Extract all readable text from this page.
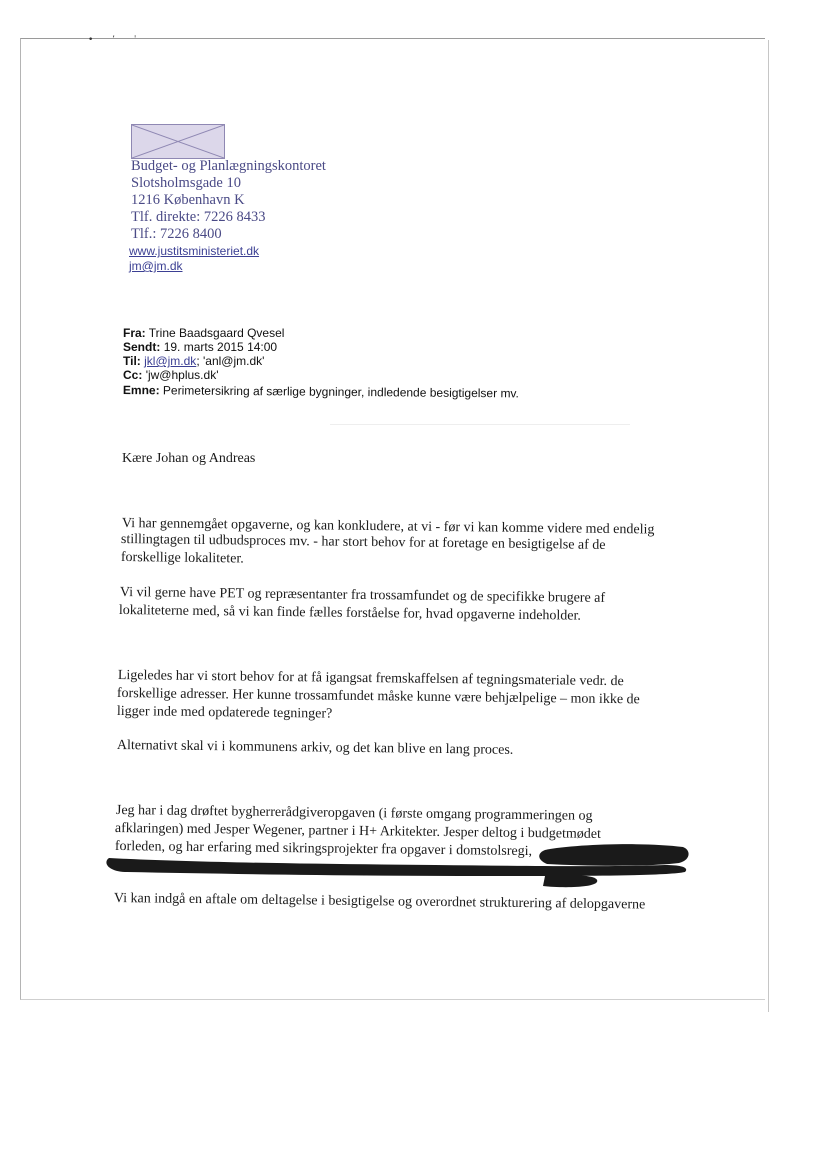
• ʼ ˈ
Budget- og Planlægningskontoret
Slotsholmsgade 10
1216 København K
Tlf. direkte: 7226 8433
Tlf.: 7226 8400
www.justitsministeriet.dk
jm@jm.dk
Fra: Trine Baadsgaard Qvesel
Sendt: 19. marts 2015 14:00
Til: jkl@jm.dk; 'anl@jm.dk'
Cc: 'jw@hplus.dk'
Emne: Perimetersikring af særlige bygninger, indledende besigtigelser mv.
Kære Johan og Andreas
Vi har gennemgået opgaverne, og kan konkludere, at vi - før vi kan komme videre med endelig
stillingtagen til udbudsproces mv. - har stort behov for at foretage en besigtigelse af de
forskellige lokaliteter.
Vi vil gerne have PET og repræsentanter fra trossamfundet og de specifikke brugere af
lokaliteterne med, så vi kan finde fælles forståelse for, hvad opgaverne indeholder.
Ligeledes har vi stort behov for at få igangsat fremskaffelsen af tegningsmateriale vedr. de
forskellige adresser. Her kunne trossamfundet måske kunne være behjælpelige – mon ikke de
ligger inde med opdaterede tegninger?
Alternativt skal vi i kommunens arkiv, og det kan blive en lang proces.
Jeg har i dag drøftet bygherrerådgiveropgaven (i første omgang programmeringen og
afklaringen) med Jesper Wegener, partner i H+ Arkitekter. Jesper deltog i budgetmødet
forleden, og har erfaring med sikringsprojekter fra opgaver i domstolsregi,
Vi kan indgå en aftale om deltagelse i besigtigelse og overordnet strukturering af delopgaverne
